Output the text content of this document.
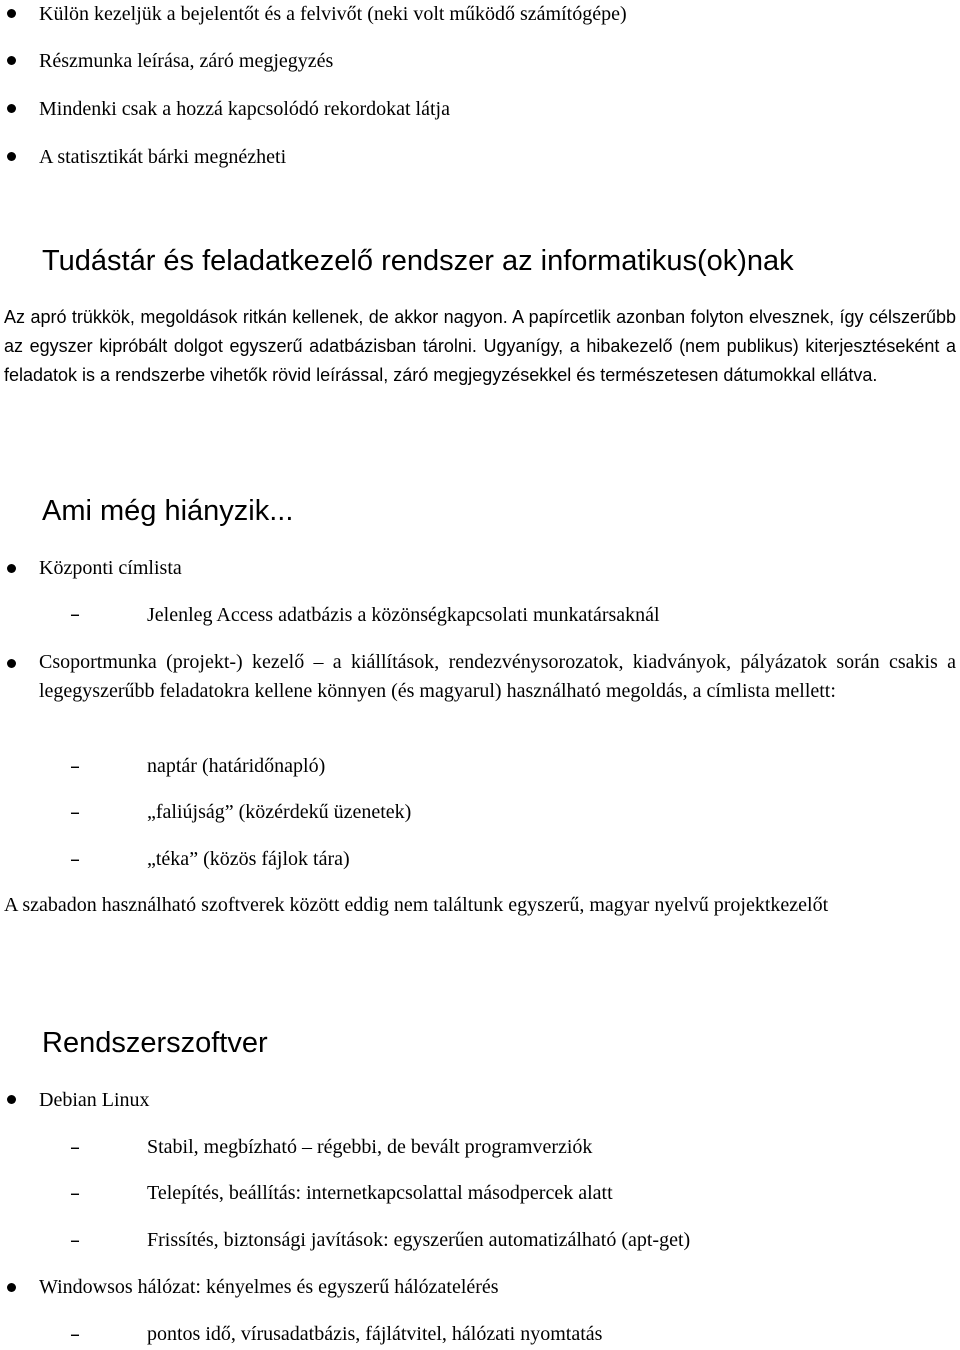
Külön kezeljük a bejelentőt és a felvivőt (neki volt működő számítógépe)
Részmunka leírása, záró megjegyzés
Mindenki csak a hozzá kapcsolódó rekordokat látja
A statisztikát bárki megnézheti
Tudástár és feladatkezelő rendszer az informatikus(ok)nak
Az apró trükkök, megoldások ritkán kellenek, de akkor nagyon. A papírcetlik azonban folyton elvesznek, így célszerűbb az egyszer kipróbált dolgot egyszerű adatbázisban tárolni. Ugyanígy, a hibakezelő (nem publikus) kiterjesztéseként a feladatok is a rendszerbe vihetők rövid leírással, záró megjegyzésekkel és természetesen dátumokkal ellátva.
Ami még hiányzik...
Központi címlista
–	Jelenleg Access adatbázis a közönségkapcsolati munkatársaknál
Csoportmunka (projekt-) kezelő – a kiállítások, rendezvénysorozatok, kiadványok, pályázatok során csakis a legegyszerűbb feladatokra kellene könnyen (és magyarul) használható megoldás, a címlista mellett:
–	naptár (határidőnapló)
–	„faliújság” (közérdekű üzenetek)
–	„téka” (közös fájlok tára)
A szabadon használható szoftverek között eddig nem találtunk egyszerű, magyar nyelvű projektkezelőt
Rendszerszoftver
Debian Linux
–	Stabil, megbízható – régebbi, de bevált programverziók
–	Telepítés, beállítás: internetkapcsolattal másodpercek alatt
–	Frissítés, biztonsági javítások: egyszerűen automatizálható (apt-get)
Windowsos hálózat: kényelmes és egyszerű hálózatelérés
–	pontos idő, vírusadatbázis, fájlátvitel, hálózati nyomtatás
